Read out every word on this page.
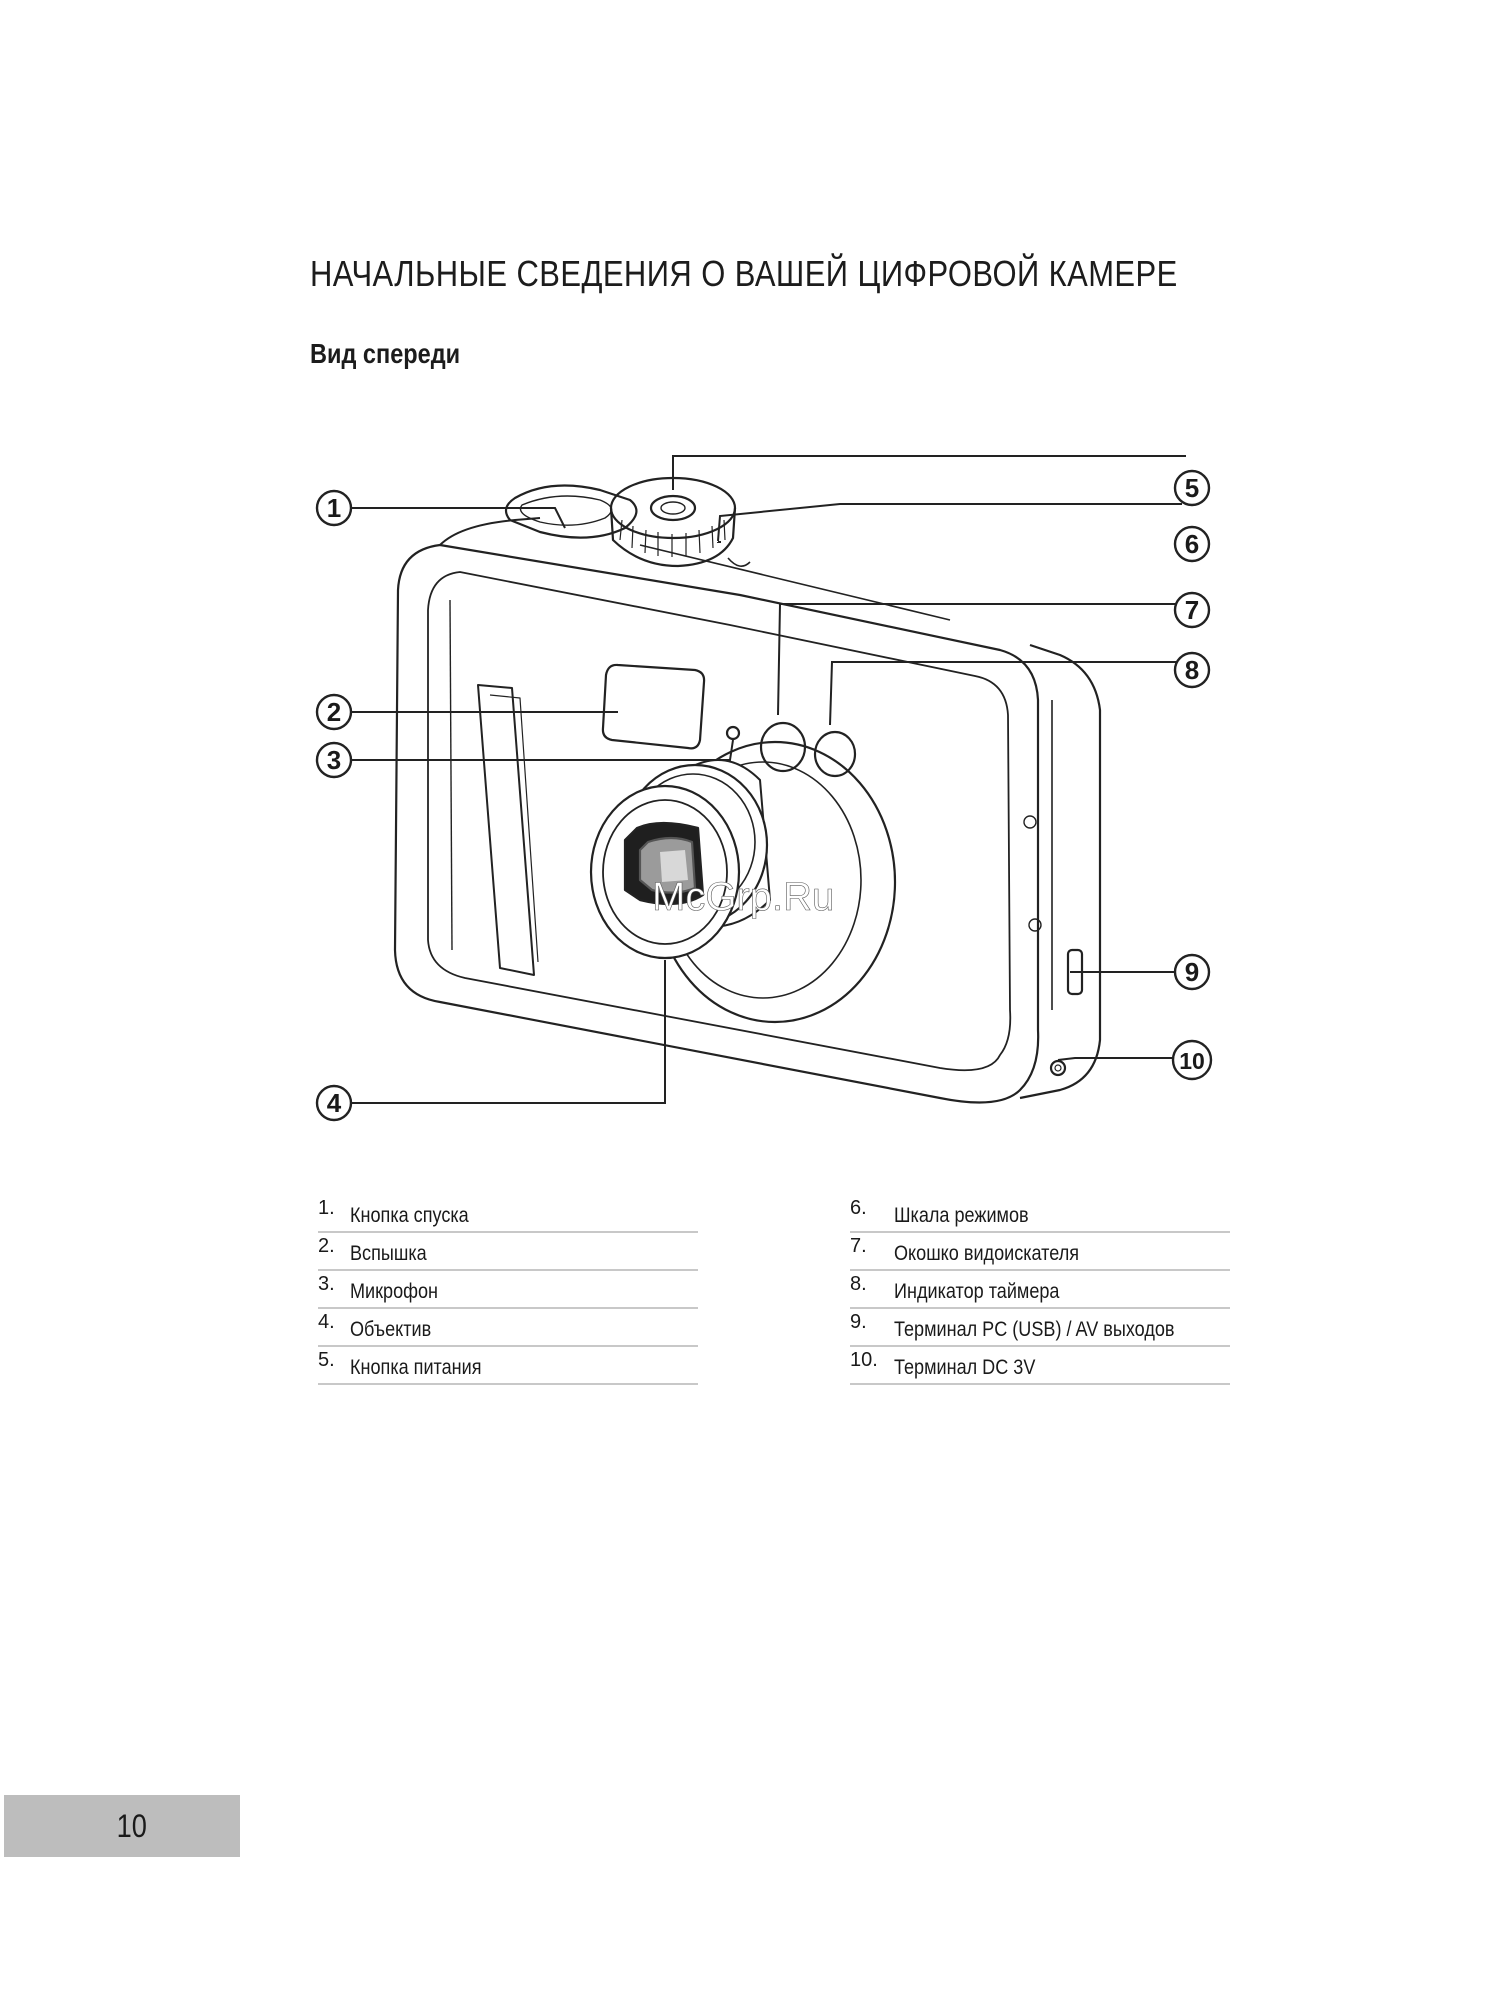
НАЧАЛЬНЫЕ СВЕДЕНИЯ О ВАШЕЙ ЦИФРОВОЙ КАМЕРЕ
Вид спереди
1
2
3
4
5
6
7
8
9
10
McGrp.Ru
1. Кнопка спуска
2. Вспышка
3. Микрофон
4. Объектив
5. Кнопка питания
6.	Шкала режимов
7.	Окошко видоискателя
8.	Индикатор таймера
9.	Терминал PC (USB) / AV выходов
10. Терминал DC 3V
10
